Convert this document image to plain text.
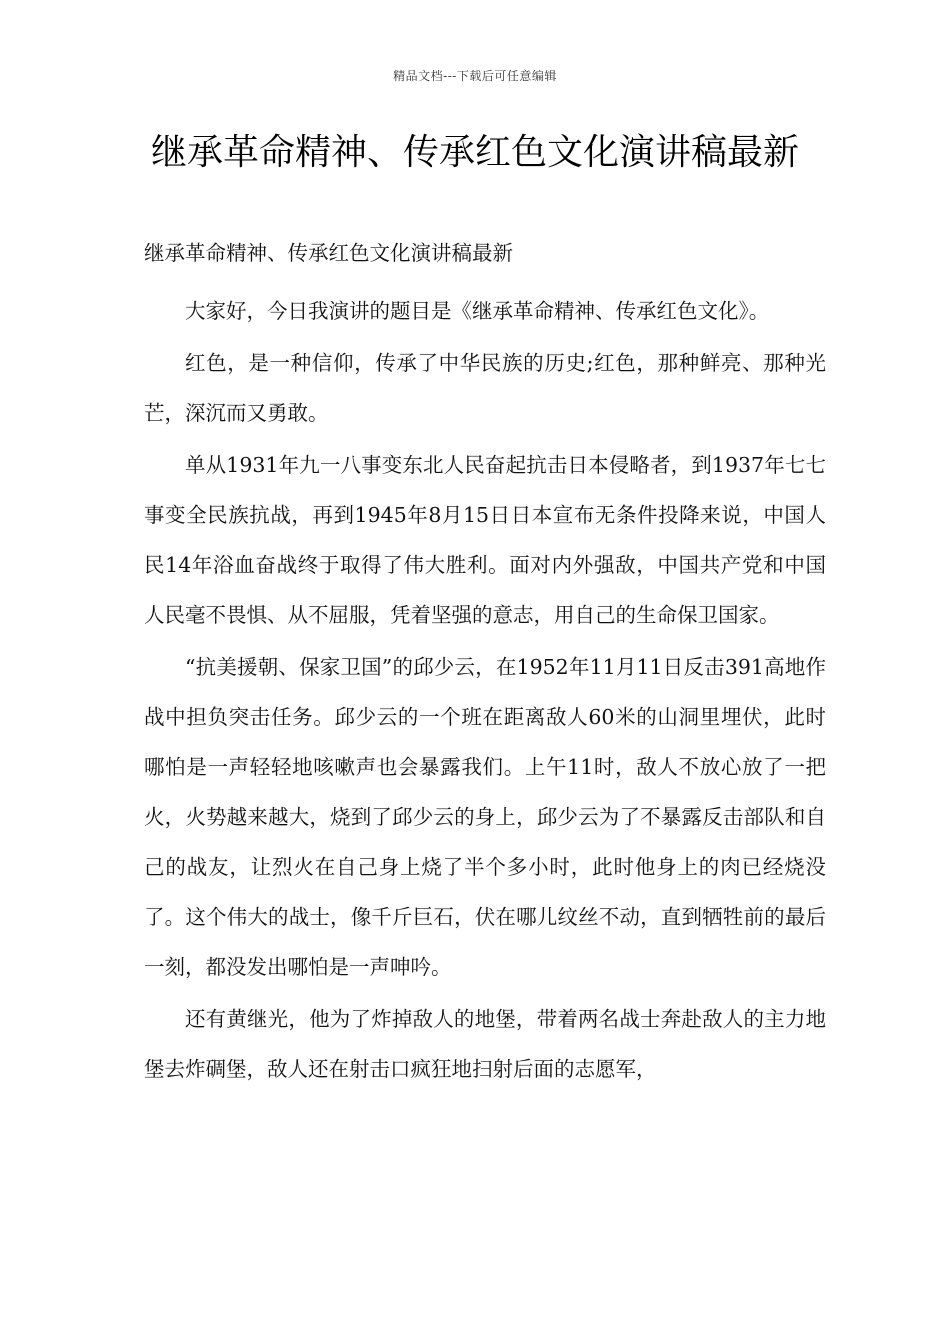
精品文档---下载后可任意编辑
继承革命精神、传承红色文化演讲稿最新

继承革命精神、传承红色文化演讲稿最新

大家好，今日我演讲的题目是《继承革命精神、传承红色文化》。

红色，是一种信仰，传承了中华民族的历史;红色，那种鲜亮、那种光芒，深沉而又勇敢。

单从1931年九一八事变东北人民奋起抗击日本侵略者，到1937年七七事变全民族抗战，再到1945年8月15日日本宣布无条件投降来说，中国人民14年浴血奋战终于取得了伟大胜利。面对内外强敌，中国共产党和中国人民毫不畏惧、从不屈服，凭着坚强的意志，用自己的生命保卫国家。

“抗美援朝、保家卫国”的邱少云，在1952年11月11日反击391高地作战中担负突击任务。邱少云的一个班在距离敌人60米的山洞里埋伏，此时哪怕是一声轻轻地咳嗽声也会暴露我们。上午11时，敌人不放心放了一把火，火势越来越大，烧到了邱少云的身上，邱少云为了不暴露反击部队和自己的战友，让烈火在自己身上烧了半个多小时，此时他身上的肉已经烧没了。这个伟大的战士，像千斤巨石，伏在哪儿纹丝不动，直到牺牲前的最后一刻，都没发出哪怕是一声呻吟。

还有黄继光，他为了炸掉敌人的地堡，带着两名战士奔赴敌人的主力地堡去炸碉堡，敌人还在射击口疯狂地扫射后面的志愿军，
